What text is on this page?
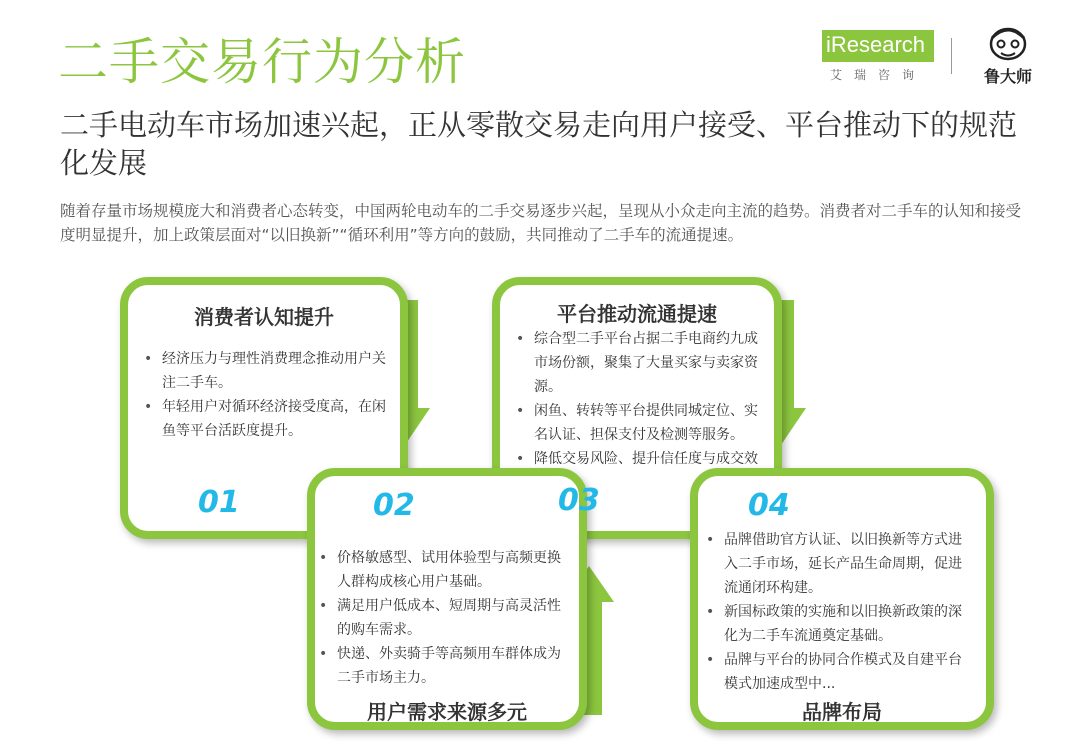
二手交易行为分析
二手电动车市场加速兴起，正从零散交易走向用户接受、平台推动下的规范化发展
随着存量市场规模庞大和消费者心态转变，中国两轮电动车的二手交易逐步兴起，呈现从小众走向主流的趋势。消费者对二手车的认知和接受度明显提升，加上政策层面对“以旧换新”“循环利用”等方向的鼓励，共同推动了二手车的流通提速。
iResearch
艾瑞咨询	鲁大师
消费者认知提升
• 经济压力与理性消费理念推动用户关注二手车。
• 年轻用户对循环经济接受度高，在闲鱼等平台活跃度提升。
01
平台推动流通提速
• 综合型二手平台占据二手电商约九成市场份额，聚集了大量买家与卖家资源。
• 闲鱼、转转等平台提供同城定位、实名认证、担保支付及检测等服务。
• 降低交易风险、提升信任度与成交效
02
• 价格敏感型、试用体验型与高频更换人群构成核心用户基础。
• 满足用户低成本、短周期与高灵活性的购车需求。
• 快递、外卖骑手等高频用车群体成为二手市场主力。
用户需求来源多元
03	04
• 品牌借助官方认证、以旧换新等方式进入二手市场，延长产品生命周期，促进流通闭环构建。
• 新国标政策的实施和以旧换新政策的深化为二手车流通奠定基础。
• 品牌与平台的协同合作模式及自建平台模式加速成型中...
品牌布局
